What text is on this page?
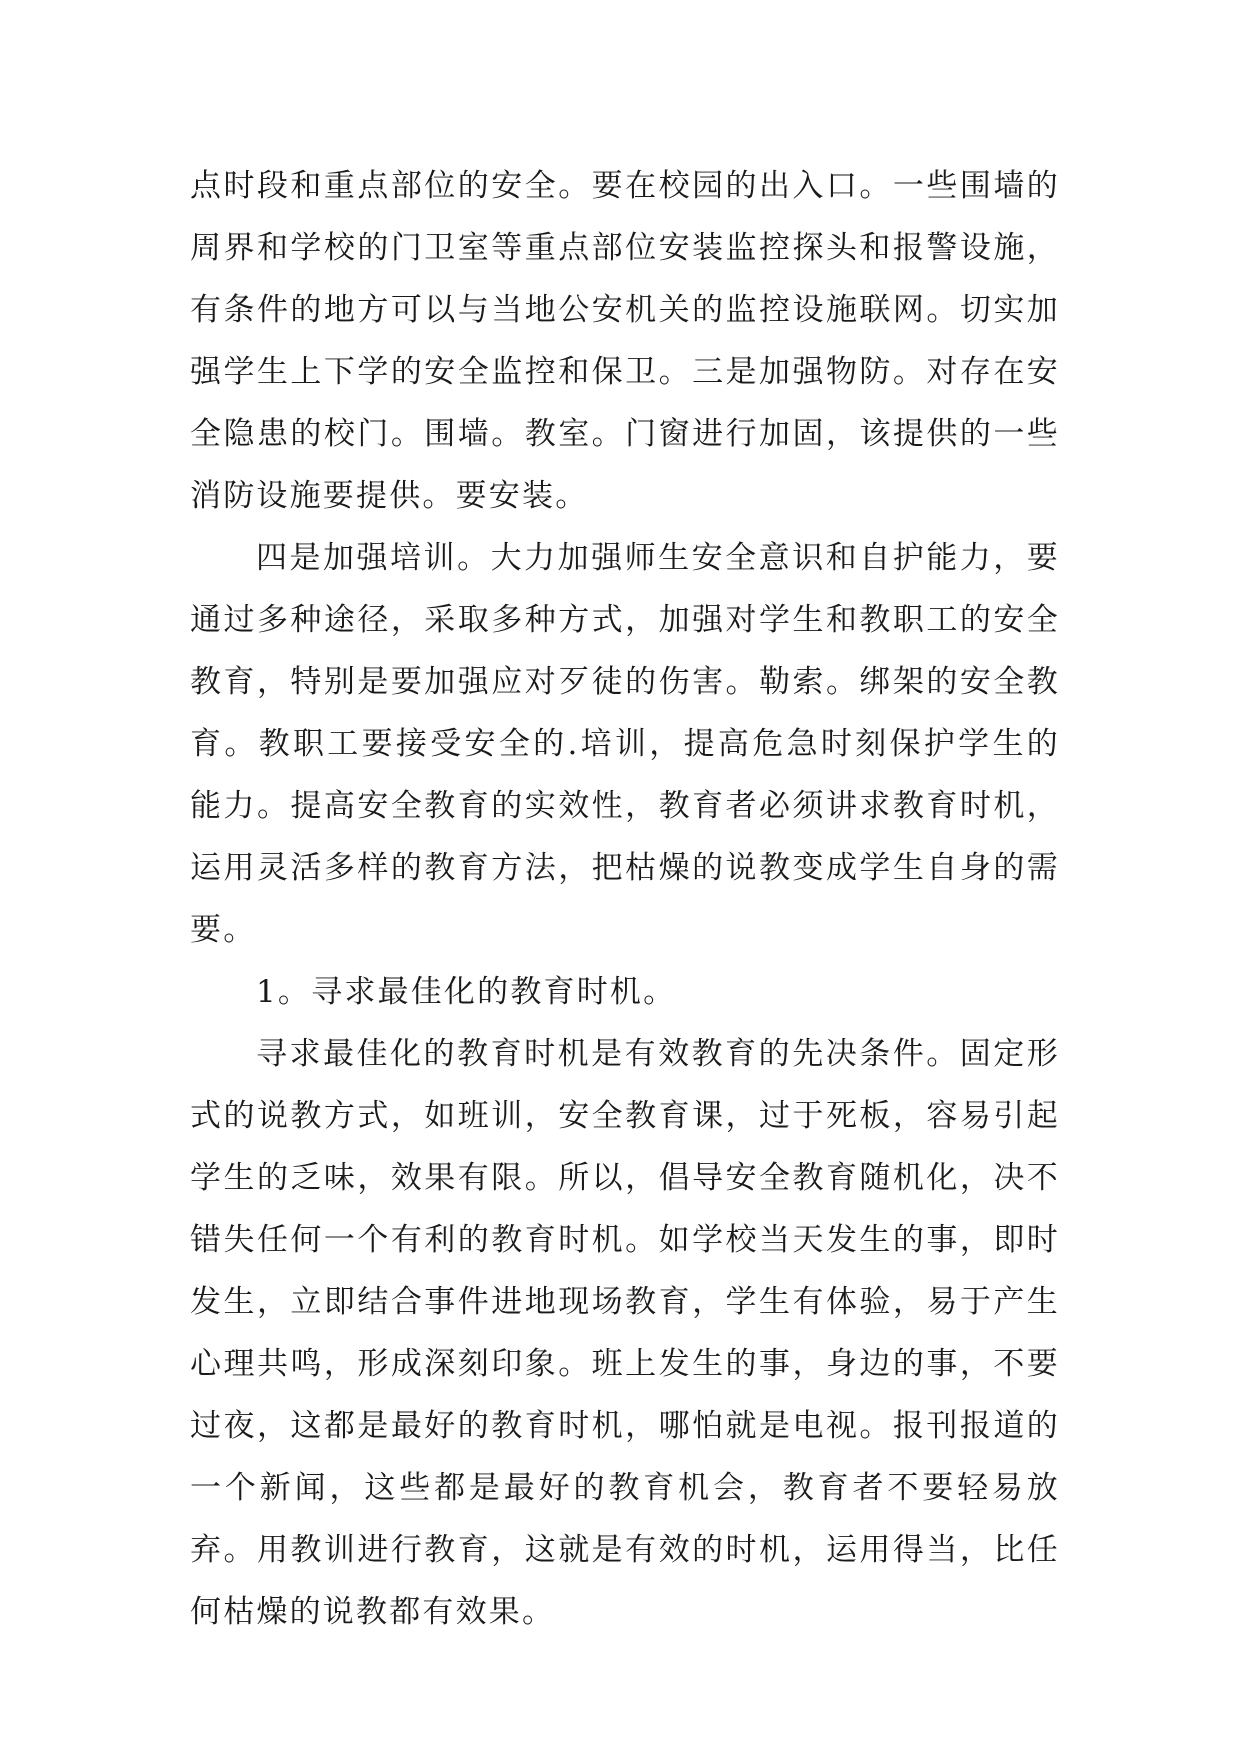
点时段和重点部位的安全。要在校园的出入口。一些围墙的周界和学校的门卫室等重点部位安装监控探头和报警设施，有条件的地方可以与当地公安机关的监控设施联网。切实加强学生上下学的安全监控和保卫。三是加强物防。对存在安全隐患的校门。围墙。教室。门窗进行加固，该提供的一些消防设施要提供。要安装。

四是加强培训。大力加强师生安全意识和自护能力，要通过多种途径，采取多种方式，加强对学生和教职工的安全教育，特别是要加强应对歹徒的伤害。勒索。绑架的安全教育。教职工要接受安全的.培训，提高危急时刻保护学生的能力。提高安全教育的实效性，教育者必须讲求教育时机，运用灵活多样的教育方法，把枯燥的说教变成学生自身的需要。

1。寻求最佳化的教育时机。

寻求最佳化的教育时机是有效教育的先决条件。固定形式的说教方式，如班训，安全教育课，过于死板，容易引起学生的乏味，效果有限。所以，倡导安全教育随机化，决不错失任何一个有利的教育时机。如学校当天发生的事，即时发生，立即结合事件进地现场教育，学生有体验，易于产生心理共鸣，形成深刻印象。班上发生的事，身边的事，不要过夜，这都是最好的教育时机，哪怕就是电视。报刊报道的一个新闻，这些都是最好的教育机会，教育者不要轻易放弃。用教训进行教育，这就是有效的时机，运用得当，比任何枯燥的说教都有效果。
